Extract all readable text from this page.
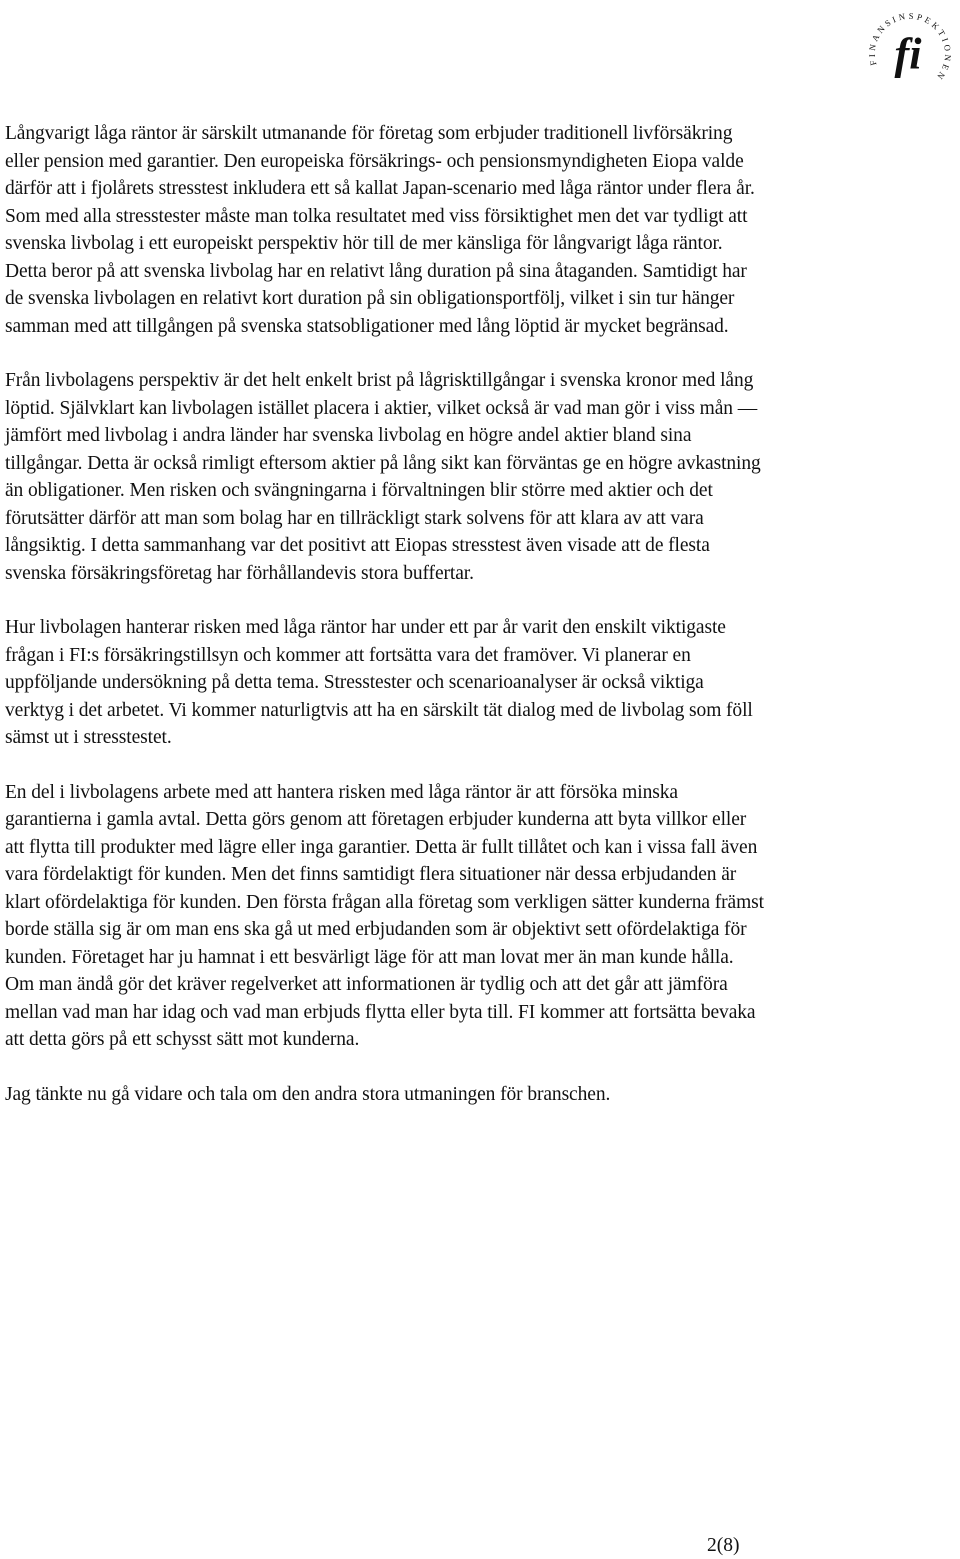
FINANSINSPEKTIONEN
fi

Långvarigt låga räntor är särskilt utmanande för företag som erbjuder traditionell livförsäkring eller pension med garantier. Den europeiska försäkrings- och pensionsmyndigheten Eiopa valde därför att i fjolårets stresstest inkludera ett så kallat Japan-scenario med låga räntor under flera år. Som med alla stresstester måste man tolka resultatet med viss försiktighet men det var tydligt att svenska livbolag i ett europeiskt perspektiv hör till de mer känsliga för långvarigt låga räntor. Detta beror på att svenska livbolag har en relativt lång duration på sina åtaganden. Samtidigt har de svenska livbolagen en relativt kort duration på sin obligationsportfölj, vilket i sin tur hänger samman med att tillgången på svenska statsobligationer med lång löptid är mycket begränsad.

Från livbolagens perspektiv är det helt enkelt brist på lågrisktillgångar i svenska kronor med lång löptid. Självklart kan livbolagen istället placera i aktier, vilket också är vad man gör i viss mån — jämfört med livbolag i andra länder har svenska livbolag en högre andel aktier bland sina tillgångar. Detta är också rimligt eftersom aktier på lång sikt kan förväntas ge en högre avkastning än obligationer. Men risken och svängningarna i förvaltningen blir större med aktier och det förutsätter därför att man som bolag har en tillräckligt stark solvens för att klara av att vara långsiktig. I detta sammanhang var det positivt att Eiopas stresstest även visade att de flesta svenska försäkringsföretag har förhållandevis stora buffertar.

Hur livbolagen hanterar risken med låga räntor har under ett par år varit den enskilt viktigaste frågan i FI:s försäkringstillsyn och kommer att fortsätta vara det framöver. Vi planerar en uppföljande undersökning på detta tema. Stresstester och scenarioanalyser är också viktiga verktyg i det arbetet. Vi kommer naturligtvis att ha en särskilt tät dialog med de livbolag som föll sämst ut i stresstestet.

En del i livbolagens arbete med att hantera risken med låga räntor är att försöka minska garantierna i gamla avtal. Detta görs genom att företagen erbjuder kunderna att byta villkor eller att flytta till produkter med lägre eller inga garantier. Detta är fullt tillåtet och kan i vissa fall även vara fördelaktigt för kunden. Men det finns samtidigt flera situationer när dessa erbjudanden är klart ofördelaktiga för kunden. Den första frågan alla företag som verkligen sätter kunderna främst borde ställa sig är om man ens ska gå ut med erbjudanden som är objektivt sett ofördelaktiga för kunden. Företaget har ju hamnat i ett besvärligt läge för att man lovat mer än man kunde hålla. Om man ändå gör det kräver regelverket att informationen är tydlig och att det går att jämföra mellan vad man har idag och vad man erbjuds flytta eller byta till. FI kommer att fortsätta bevaka att detta görs på ett schysst sätt mot kunderna.

Jag tänkte nu gå vidare och tala om den andra stora utmaningen för branschen.

2(8)
